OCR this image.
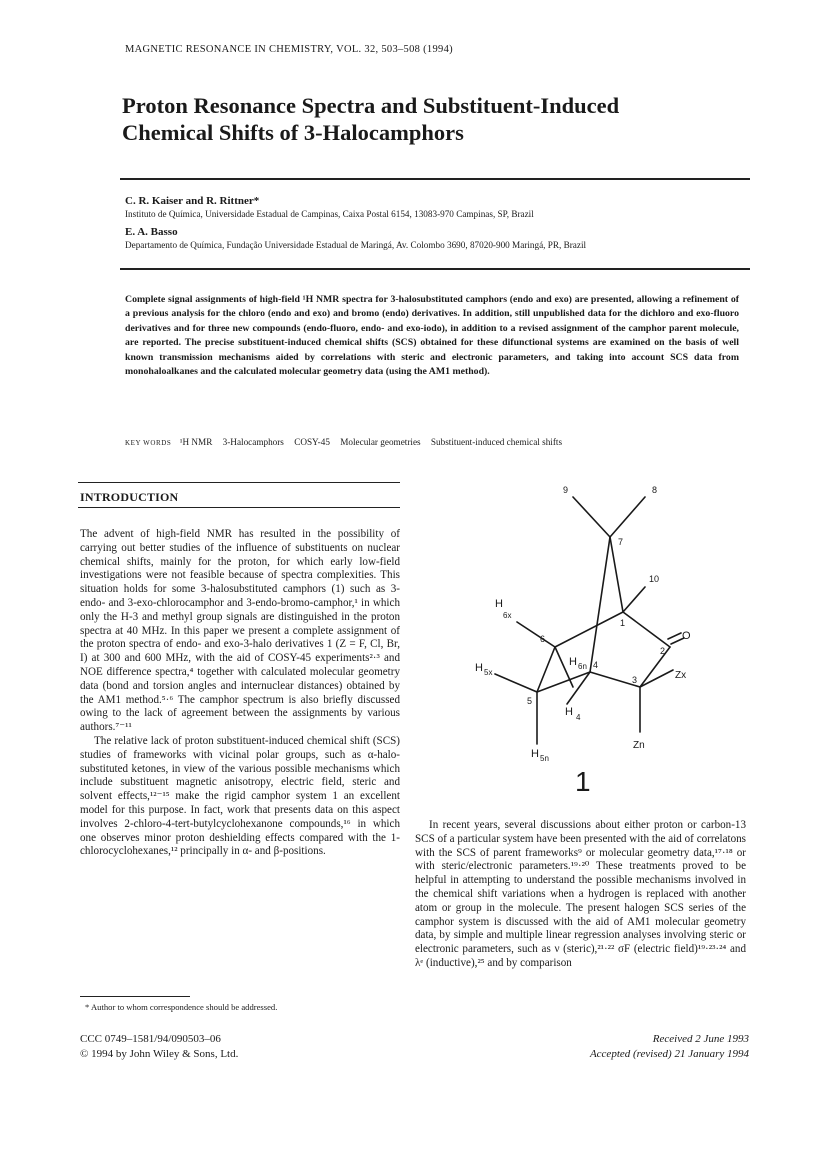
MAGNETIC RESONANCE IN CHEMISTRY, VOL. 32, 503–508 (1994)
Proton Resonance Spectra and Substituent-Induced
Chemical Shifts of 3-Halocamphors
C. R. Kaiser and R. Rittner*
Instituto de Química, Universidade Estadual de Campinas, Caixa Postal 6154, 13083-970 Campinas, SP, Brazil
E. A. Basso
Departamento de Química, Fundação Universidade Estadual de Maringá, Av. Colombo 3690, 87020-900 Maringá, PR, Brazil
Complete signal assignments of high-field ¹H NMR spectra for 3-halosubstituted camphors (endo and exo) are presented, allowing a refinement of a previous analysis for the chloro (endo and exo) and bromo (endo) derivatives. In addition, still unpublished data for the dichloro and exo-fluoro derivatives and for three new compounds (endo-fluoro, endo- and exo-iodo), in addition to a revised assignment of the camphor parent molecule, are reported. The precise substituent-induced chemical shifts (SCS) obtained for these difunctional systems are examined on the basis of well known transmission mechanisms aided by correlations with steric and electronic parameters, and taking into account SCS data from monohaloalkanes and the calculated molecular geometry data (using the AM1 method).
KEY WORDS ¹H NMR 3-Halocamphors COSY-45 Molecular geometries Substituent-induced chemical shifts
INTRODUCTION

The advent of high-field NMR has resulted in the possibility of carrying out better studies of the influence of substituents on nuclear chemical shifts, mainly for the proton, for which early low-field investigations were not feasible because of spectra complexities. This situation holds for some 3-halosubstituted camphors (1) such as 3-endo- and 3-exo-chlorocamphor and 3-endo-bromo-camphor,¹ in which only the H-3 and methyl group signals are distinguished in the proton spectra at 40 MHz. In this paper we present a complete assignment of the proton spectra of endo- and exo-3-halo derivatives 1 (Z = F, Cl, Br, I) at 300 and 600 MHz, with the aid of COSY-45 experiments²·³ and NOE difference spectra,⁴ together with calculated molecular geometry data (bond and torsion angles and internuclear distances) obtained by the AM1 method.⁵·⁶ The camphor spectrum is also briefly discussed owing to the lack of agreement between the assignments by various authors.⁷⁻¹¹

The relative lack of proton substituent-induced chemical shift (SCS) studies of frameworks with vicinal polar groups, such as α-halo-substituted ketones, in view of the various possible mechanisms which include substituent magnetic anisotropy, electric field, steric and solvent effects,¹²⁻¹⁵ make the rigid camphor system 1 an excellent model for this purpose. In fact, work that presents data on this aspect involves 2-chloro-4-tert-butylcyclohexanone compounds,¹⁶ in which one observes minor proton deshielding effects compared with the 1-chlorocyclohexanes,¹² principally in α- and β-positions.

9	8
7
10
1
2
3
4
5
6	O
H
6x
H 5x
H 6n
Zx
H 4
H 5n
Zn
1

In recent years, several discussions about either proton or carbon-13 SCS of a particular system have been presented with the aid of correlatons with the SCS of parent frameworks⁹ or molecular geometry data,¹⁷·¹⁸ or with steric/electronic parameters.¹⁹·²⁰ These treatments proved to be helpful in attempting to understand the possible mechanisms involved in the chemical shift variations when a hydrogen is replaced with another atom or group in the molecule. The present halogen SCS series of the camphor system is discussed with the aid of AM1 molecular geometry data, by simple and multiple linear regression analyses involving steric or electronic parameters, such as ν (steric),²¹·²² σF (electric field)¹⁹·²³·²⁴ and λᵉ (inductive),²⁵ and by comparison

* Author to whom correspondence should be addressed.
CCC 0749–1581/94/090503–06
© 1994 by John Wiley & Sons, Ltd.
Received 2 June 1993
Accepted (revised) 21 January 1994
